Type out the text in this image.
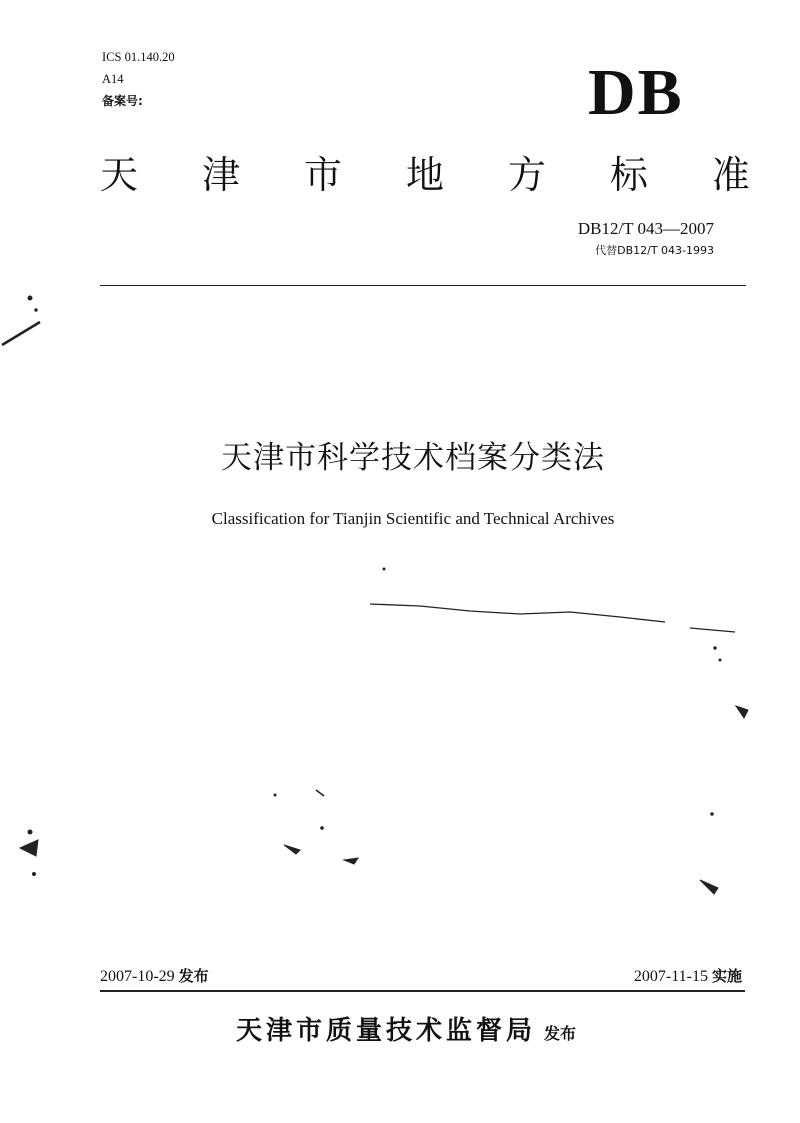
ICS 01.140.20
A14
备案号:	DB
天 津 市 地 方 标 准
DB12/T 043—2007
代替DB12/T 043-1993
天津市科学技术档案分类法
Classification for Tianjin Scientific and Technical Archives
2007-10-29 发布	2007-11-15 实施
天津市质量技术监督局 发布
